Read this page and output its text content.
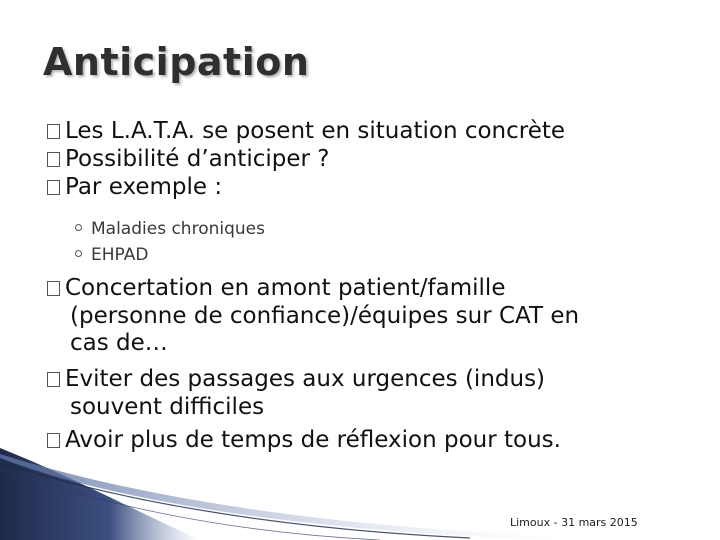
Anticipation
Les L.A.T.A. se posent en situation concrète
Possibilité d’anticiper ?
Par exemple :
Maladies chroniques
EHPAD
Concertation en amont patient/famille
(personne de confiance)/équipes sur CAT en
cas de…
Eviter des passages aux urgences (indus)
souvent difficiles
Avoir plus de temps de réflexion pour tous.
Limoux - 31 mars 2015
